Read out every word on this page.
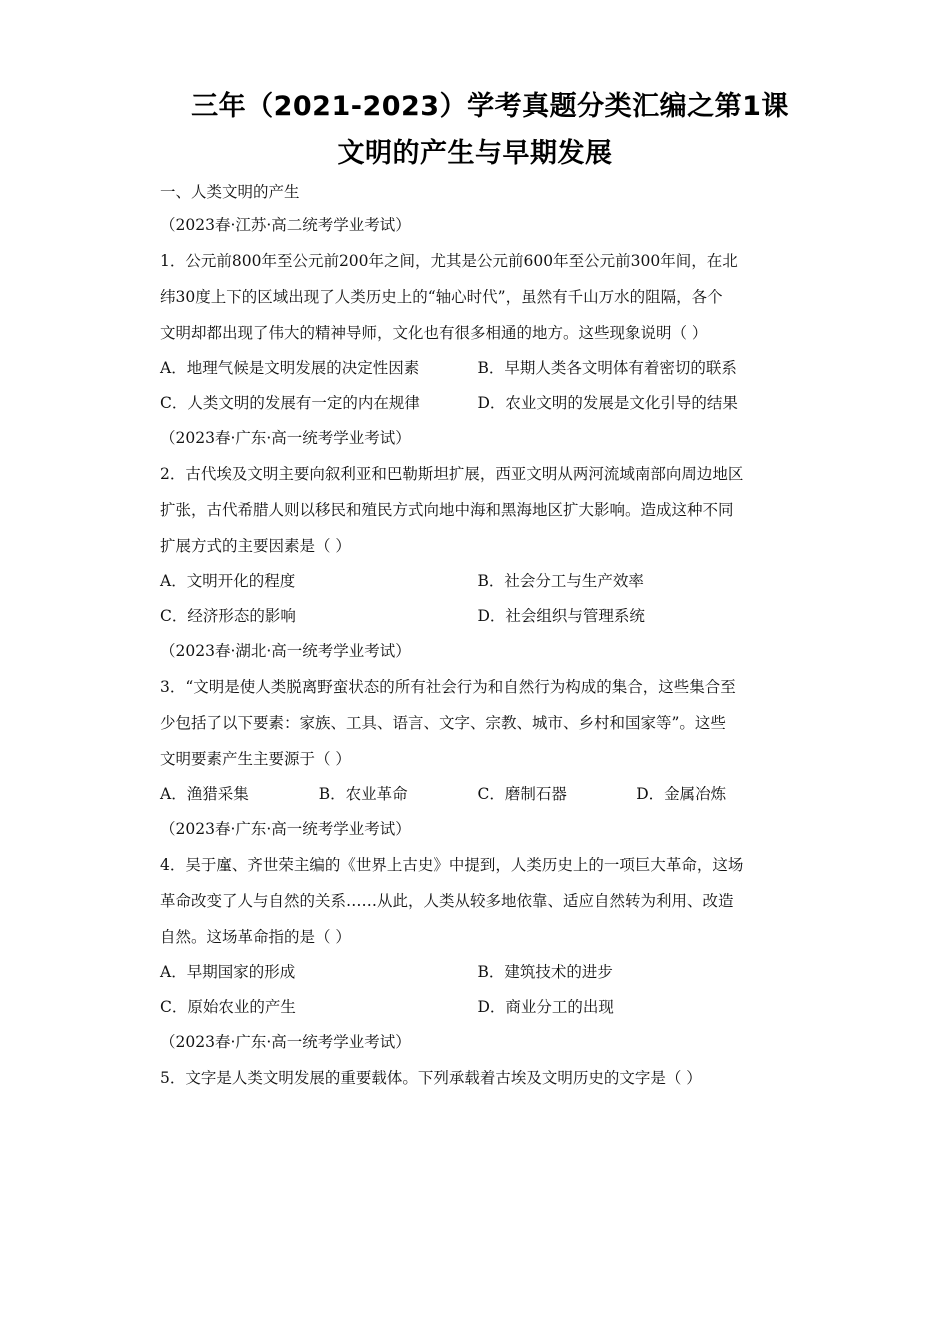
三年（2021-2023）学考真题分类汇编之第1课
文明的产生与早期发展
一、人类文明的产生
（2023春·江苏·高二统考学业考试）
1．公元前800年至公元前200年之间，尤其是公元前600年至公元前300年间，在北
纬30度上下的区域出现了人类历史上的“轴心时代”，虽然有千山万水的阻隔，各个
文明却都出现了伟大的精神导师，文化也有很多相通的地方。这些现象说明（ ）
A．地理气候是文明发展的决定性因素	B．早期人类各文明体有着密切的联系
C．人类文明的发展有一定的内在规律	D．农业文明的发展是文化引导的结果
（2023春·广东·高一统考学业考试）
2．古代埃及文明主要向叙利亚和巴勒斯坦扩展，西亚文明从两河流域南部向周边地区
扩张，古代希腊人则以移民和殖民方式向地中海和黑海地区扩大影响。造成这种不同
扩展方式的主要因素是（ ）
A．文明开化的程度	B．社会分工与生产效率
C．经济形态的影响	D．社会组织与管理系统
（2023春·湖北·高一统考学业考试）
3．“文明是使人类脱离野蛮状态的所有社会行为和自然行为构成的集合，这些集合至
少包括了以下要素：家族、工具、语言、文字、宗教、城市、乡村和国家等”。这些
文明要素产生主要源于（ ）
A．渔猎采集	B．农业革命	C．磨制石器	D．金属冶炼
（2023春·广东·高一统考学业考试）
4．吴于廑、齐世荣主编的《世界上古史》中提到，人类历史上的一项巨大革命，这场
革命改变了人与自然的关系……从此，人类从较多地依靠、适应自然转为利用、改造
自然。这场革命指的是（ ）
A．早期国家的形成	B．建筑技术的进步
C．原始农业的产生	D．商业分工的出现
（2023春·广东·高一统考学业考试）
5．文字是人类文明发展的重要载体。下列承载着古埃及文明历史的文字是（ ）
